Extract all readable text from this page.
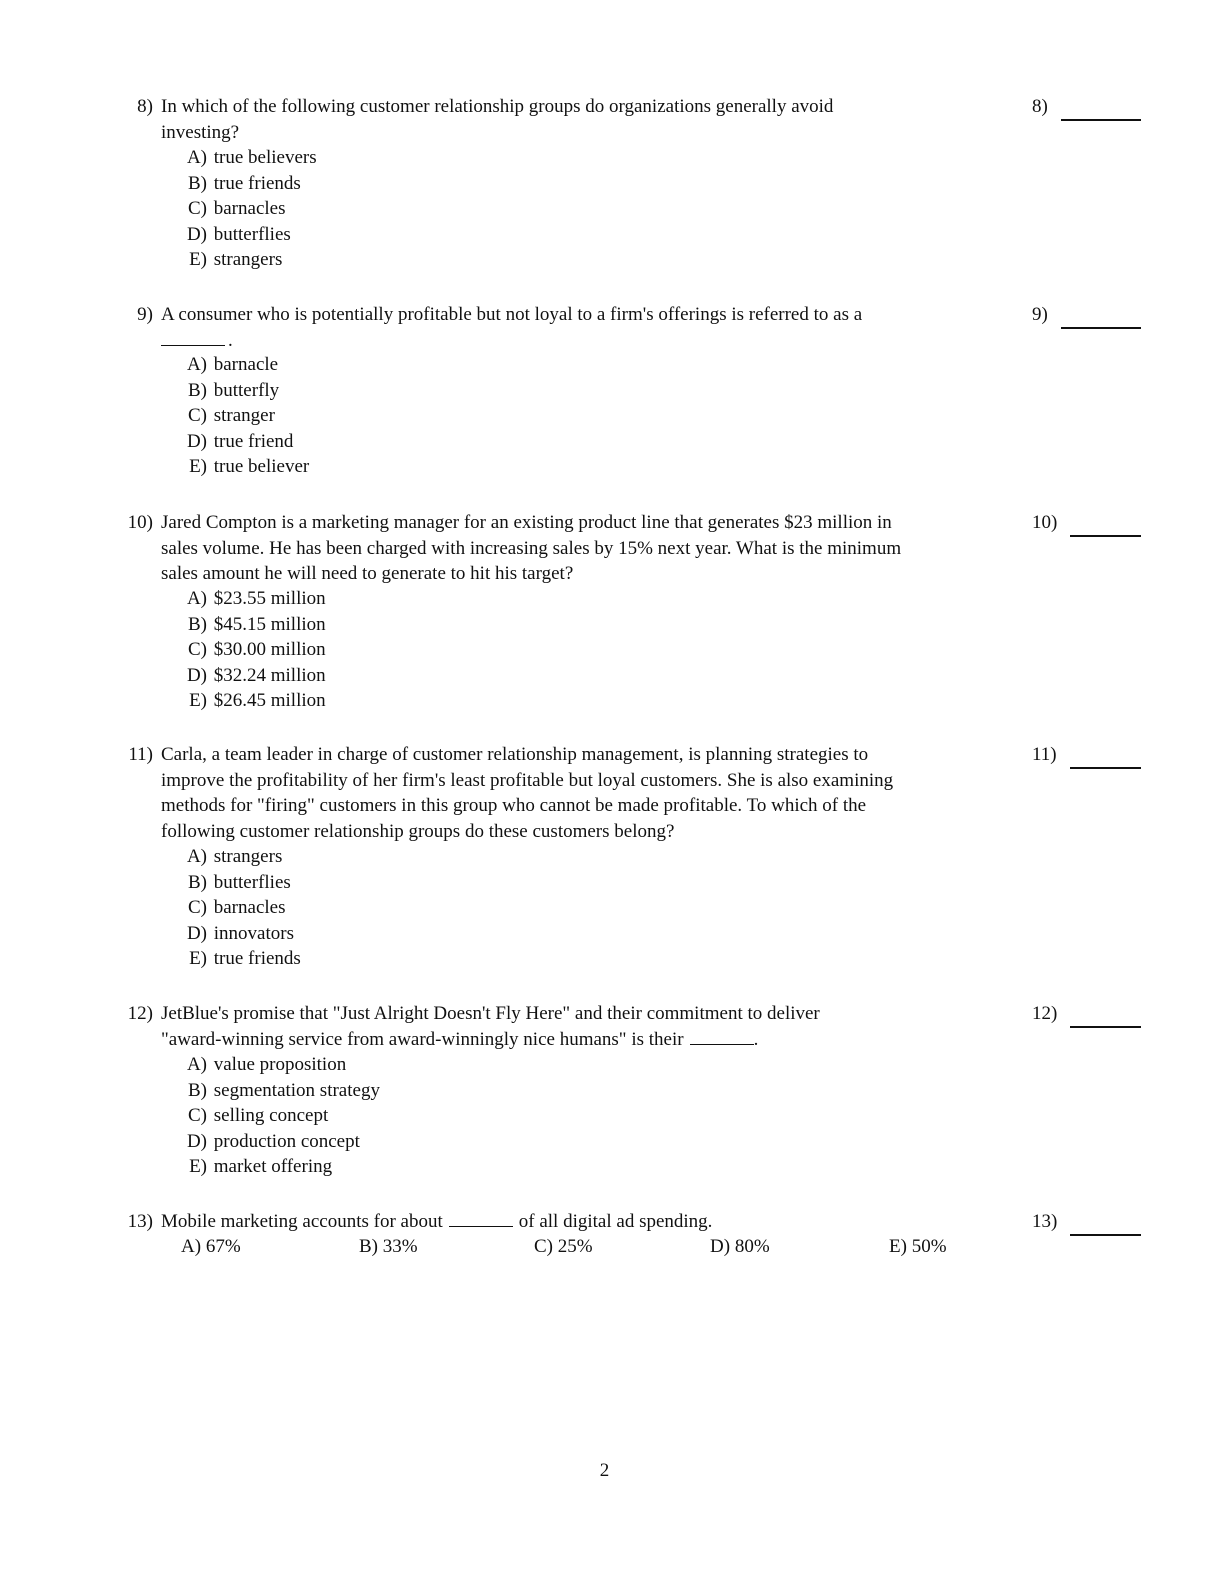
8) In which of the following customer relationship groups do organizations generally avoid
investing?
A) true believers
B) true friends
C) barnacles
D) butterflies
E) strangers
8)
9) A consumer who is potentially profitable but not loyal to a firm's offerings is referred to as a
.
A) barnacle
B) butterfly
C) stranger
D) true friend
E) true believer
9)
10) Jared Compton is a marketing manager for an existing product line that generates $23 million in
sales volume. He has been charged with increasing sales by 15% next year. What is the minimum
sales amount he will need to generate to hit his target?
A) $23.55 million
B) $45.15 million
C) $30.00 million
D) $32.24 million
E) $26.45 million
10)
11) Carla, a team leader in charge of customer relationship management, is planning strategies to
improve the profitability of her firm's least profitable but loyal customers. She is also examining
methods for "firing" customers in this group who cannot be made profitable. To which of the
following customer relationship groups do these customers belong?
A) strangers
B) butterflies
C) barnacles
D) innovators
E) true friends
11)
12) JetBlue's promise that "Just Alright Doesn't Fly Here" and their commitment to deliver
"award-winning service from award-winningly nice humans" is their	.
A) value proposition
B) segmentation strategy
C) selling concept
D) production concept
E) market offering
12)
13) Mobile marketing accounts for about	of all digital ad spending.
A) 67%	B) 33%	C) 25%	D) 80%	E) 50%
13)
2
